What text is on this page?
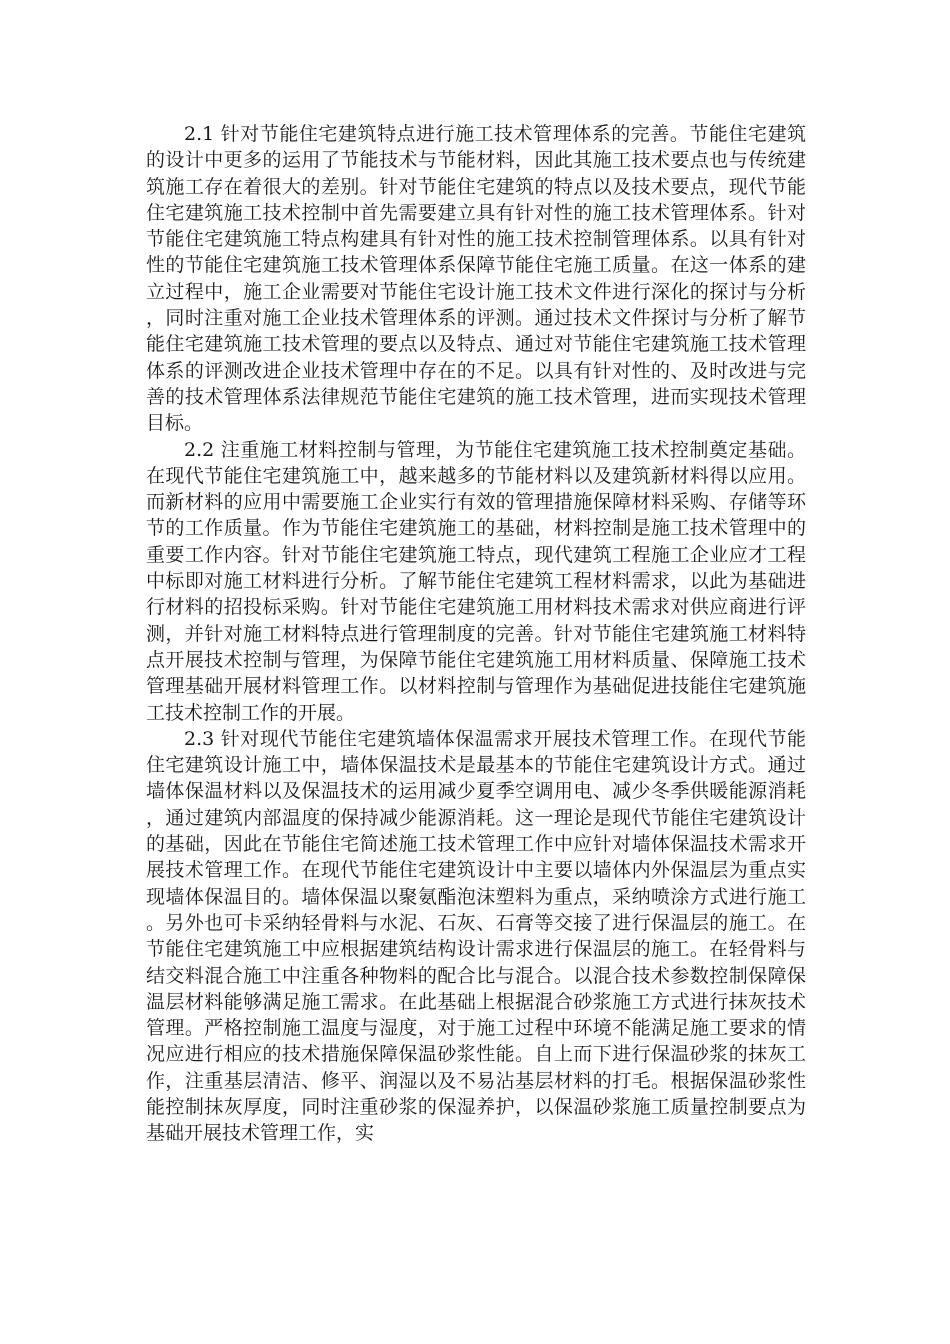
2.1 针对节能住宅建筑特点进行施工技术管理体系的完善。节能住宅建筑的设计中更多的运用了节能技术与节能材料，因此其施工技术要点也与传统建筑施工存在着很大的差别。针对节能住宅建筑的特点以及技术要点，现代节能住宅建筑施工技术控制中首先需要建立具有针对性的施工技术管理体系。针对节能住宅建筑施工特点构建具有针对性的施工技术控制管理体系。以具有针对性的节能住宅建筑施工技术管理体系保障节能住宅施工质量。在这一体系的建立过程中，施工企业需要对节能住宅设计施工技术文件进行深化的探讨与分析，同时注重对施工企业技术管理体系的评测。通过技术文件探讨与分析了解节能住宅建筑施工技术管理的要点以及特点、通过对节能住宅建筑施工技术管理体系的评测改进企业技术管理中存在的不足。以具有针对性的、及时改进与完善的技术管理体系法律规范节能住宅建筑的施工技术管理，进而实现技术管理目标。

2.2 注重施工材料控制与管理，为节能住宅建筑施工技术控制奠定基础。在现代节能住宅建筑施工中，越来越多的节能材料以及建筑新材料得以应用。而新材料的应用中需要施工企业实行有效的管理措施保障材料采购、存储等环节的工作质量。作为节能住宅建筑施工的基础，材料控制是施工技术管理中的重要工作内容。针对节能住宅建筑施工特点，现代建筑工程施工企业应才工程中标即对施工材料进行分析。了解节能住宅建筑工程材料需求，以此为基础进行材料的招投标采购。针对节能住宅建筑施工用材料技术需求对供应商进行评测，并针对施工材料特点进行管理制度的完善。针对节能住宅建筑施工材料特点开展技术控制与管理，为保障节能住宅建筑施工用材料质量、保障施工技术管理基础开展材料管理工作。以材料控制与管理作为基础促进技能住宅建筑施工技术控制工作的开展。

2.3 针对现代节能住宅建筑墙体保温需求开展技术管理工作。在现代节能住宅建筑设计施工中，墙体保温技术是最基本的节能住宅建筑设计方式。通过墙体保温材料以及保温技术的运用减少夏季空调用电、减少冬季供暖能源消耗，通过建筑内部温度的保持减少能源消耗。这一理论是现代节能住宅建筑设计的基础，因此在节能住宅简述施工技术管理工作中应针对墙体保温技术需求开展技术管理工作。在现代节能住宅建筑设计中主要以墙体内外保温层为重点实现墙体保温目的。墙体保温以聚氨酯泡沫塑料为重点，采纳喷涂方式进行施工。另外也可卡采纳轻骨料与水泥、石灰、石膏等交接了进行保温层的施工。在节能住宅建筑施工中应根据建筑结构设计需求进行保温层的施工。在轻骨料与结交料混合施工中注重各种物料的配合比与混合。以混合技术参数控制保障保温层材料能够满足施工需求。在此基础上根据混合砂浆施工方式进行抹灰技术管理。严格控制施工温度与湿度，对于施工过程中环境不能满足施工要求的情况应进行相应的技术措施保障保温砂浆性能。自上而下进行保温砂浆的抹灰工作，注重基层清洁、修平、润湿以及不易沾基层材料的打毛。根据保温砂浆性能控制抹灰厚度，同时注重砂浆的保湿养护，以保温砂浆施工质量控制要点为基础开展技术管理工作，实
